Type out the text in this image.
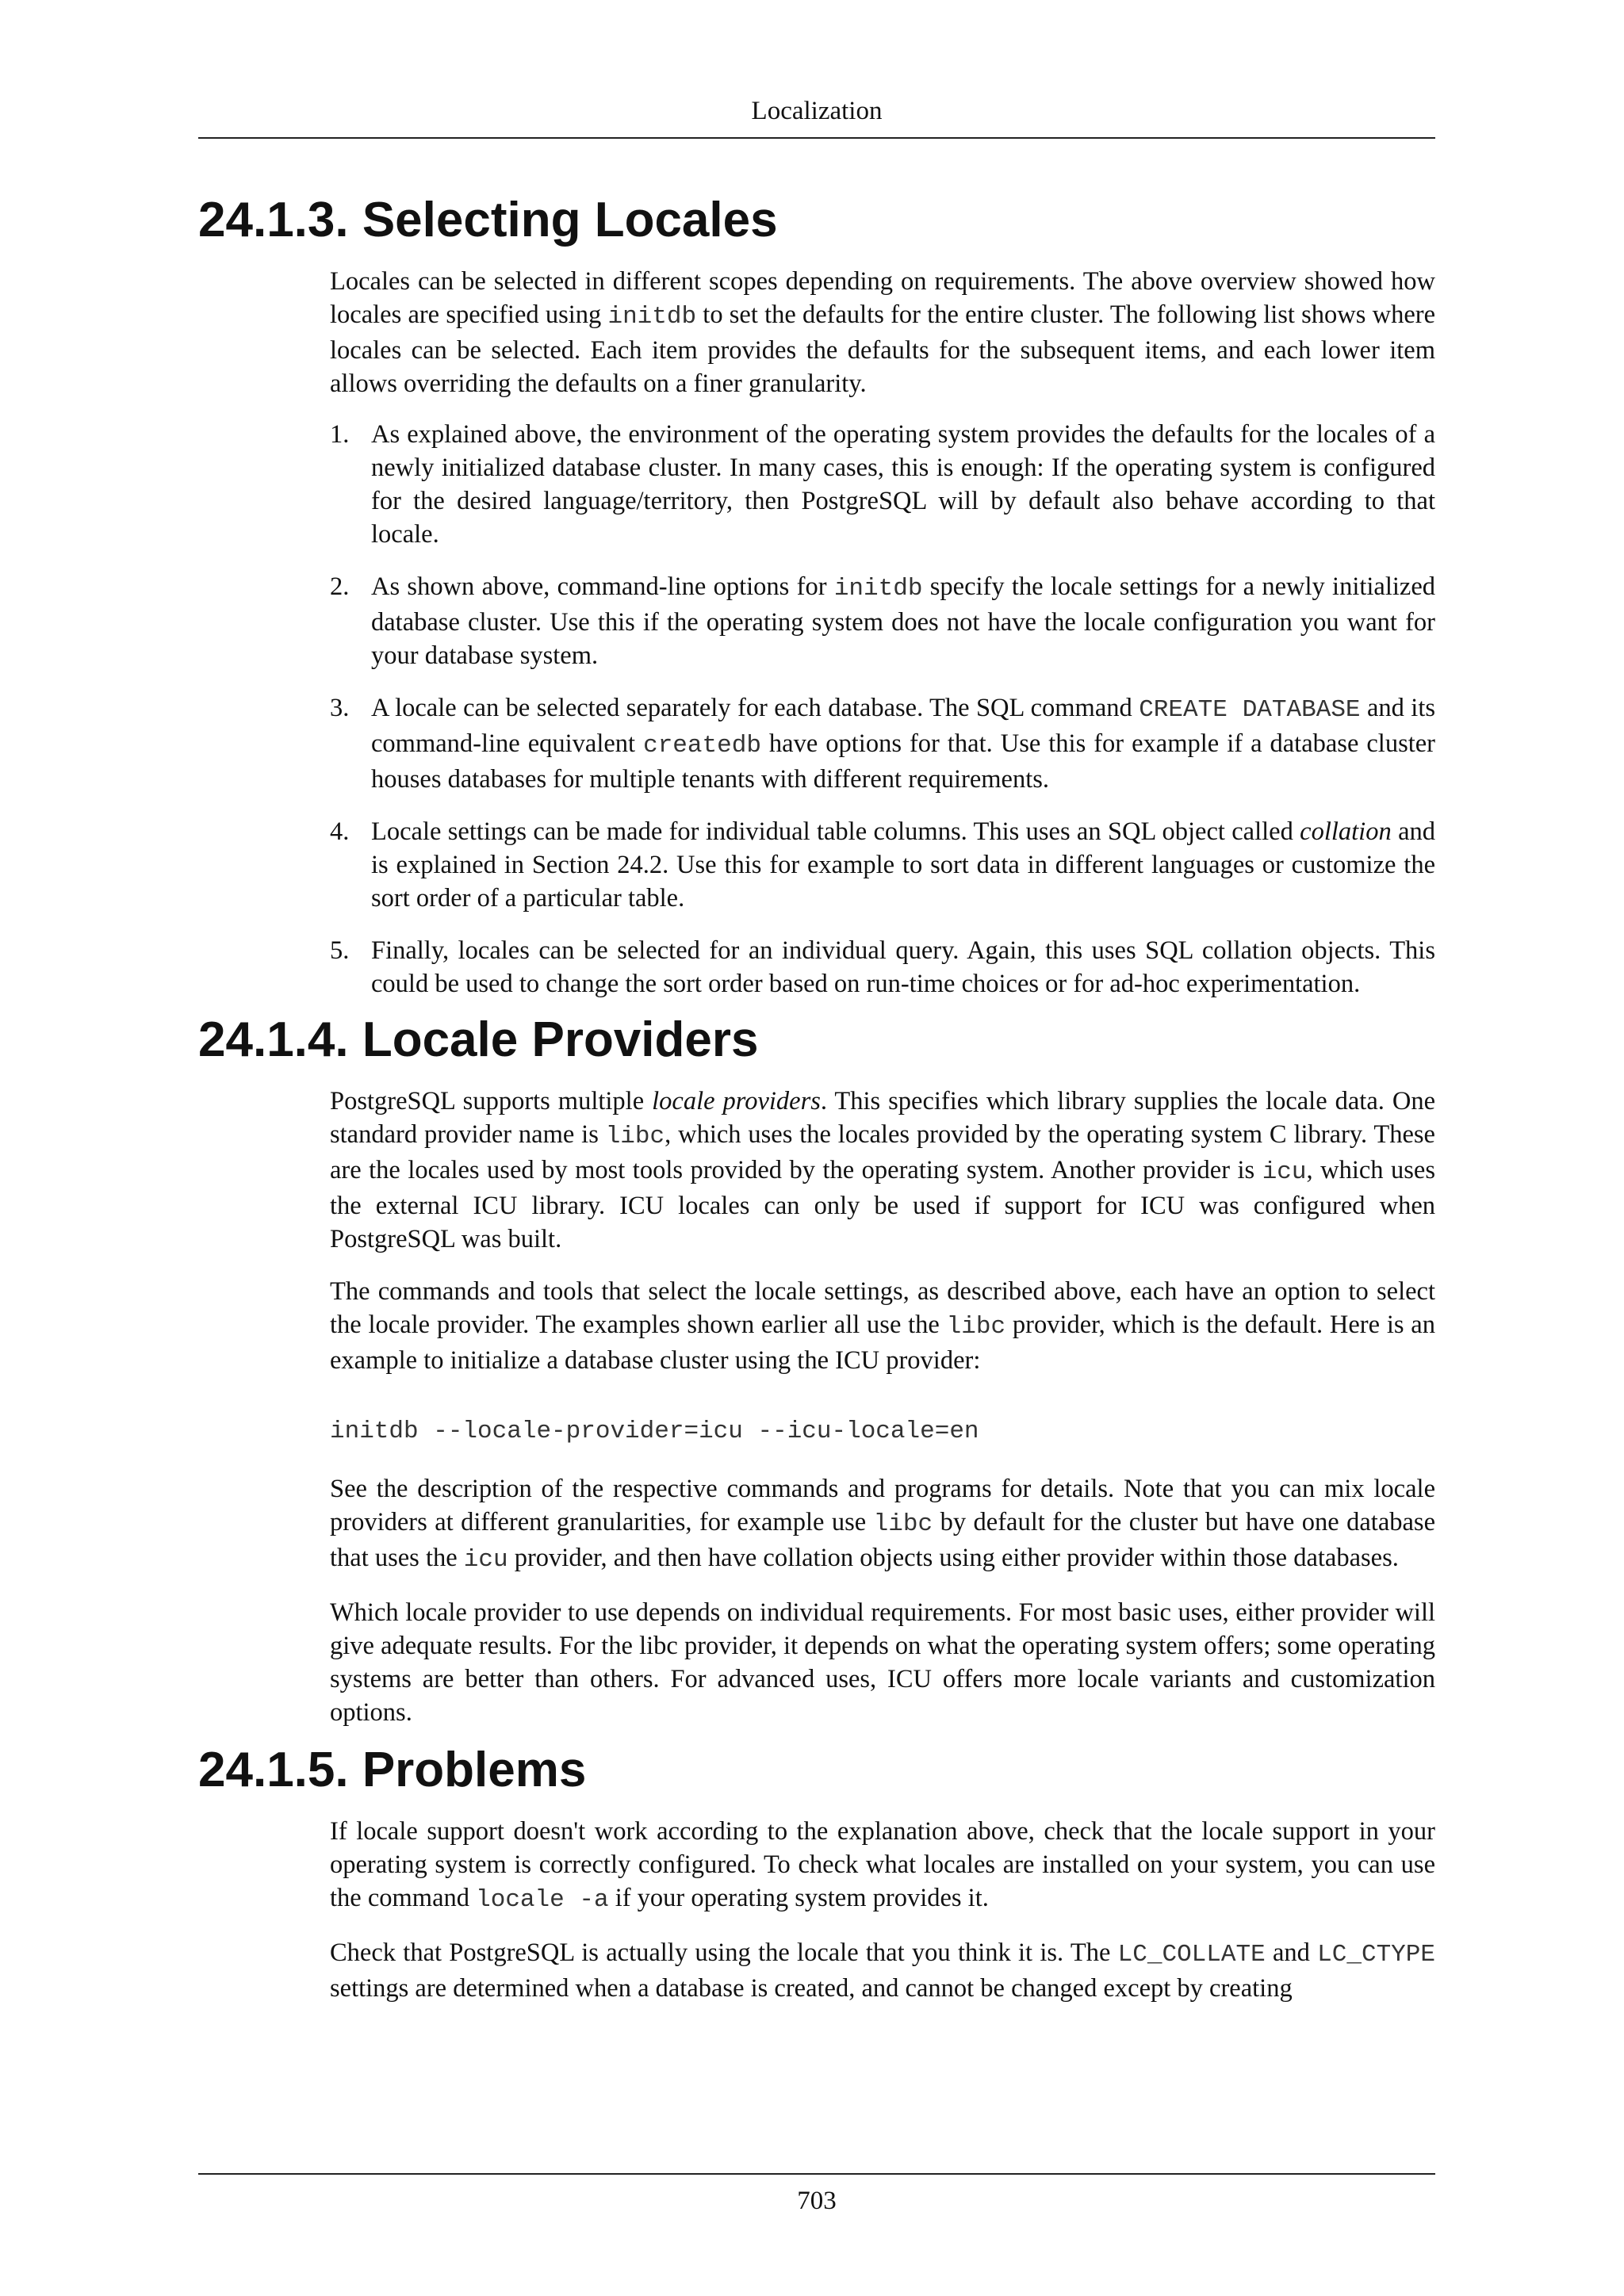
Localization
24.1.3. Selecting Locales

Locales can be selected in different scopes depending on requirements. The above overview showed how locales are specified using initdb to set the defaults for the entire cluster. The following list shows where locales can be selected. Each item provides the defaults for the subsequent items, and each lower item allows overriding the defaults on a finer granularity.

1. As explained above, the environment of the operating system provides the defaults for the locales of a newly initialized database cluster. In many cases, this is enough: If the operating system is configured for the desired language/territory, then PostgreSQL will by default also behave according to that locale.
2. As shown above, command-line options for initdb specify the locale settings for a newly initialized database cluster. Use this if the operating system does not have the locale configuration you want for your database system.
3. A locale can be selected separately for each database. The SQL command CREATE DATABASE and its command-line equivalent createdb have options for that. Use this for example if a database cluster houses databases for multiple tenants with different requirements.
4. Locale settings can be made for individual table columns. This uses an SQL object called collation and is explained in Section 24.2. Use this for example to sort data in different languages or customize the sort order of a particular table.
5. Finally, locales can be selected for an individual query. Again, this uses SQL collation objects. This could be used to change the sort order based on run-time choices or for ad-hoc experimentation.
24.1.4. Locale Providers

PostgreSQL supports multiple locale providers. This specifies which library supplies the locale data. One standard provider name is libc, which uses the locales provided by the operating system C library. These are the locales used by most tools provided by the operating system. Another provider is icu, which uses the external ICU library. ICU locales can only be used if support for ICU was configured when PostgreSQL was built.

The commands and tools that select the locale settings, as described above, each have an option to select the locale provider. The examples shown earlier all use the libc provider, which is the default. Here is an example to initialize a database cluster using the ICU provider:

initdb --locale-provider=icu --icu-locale=en

See the description of the respective commands and programs for details. Note that you can mix locale providers at different granularities, for example use libc by default for the cluster but have one database that uses the icu provider, and then have collation objects using either provider within those databases.

Which locale provider to use depends on individual requirements. For most basic uses, either provider will give adequate results. For the libc provider, it depends on what the operating system offers; some operating systems are better than others. For advanced uses, ICU offers more locale variants and customization options.

24.1.5. Problems

If locale support doesn't work according to the explanation above, check that the locale support in your operating system is correctly configured. To check what locales are installed on your system, you can use the command locale -a if your operating system provides it.

Check that PostgreSQL is actually using the locale that you think it is. The LC_COLLATE and LC_CTYPE settings are determined when a database is created, and cannot be changed except by creating

703
